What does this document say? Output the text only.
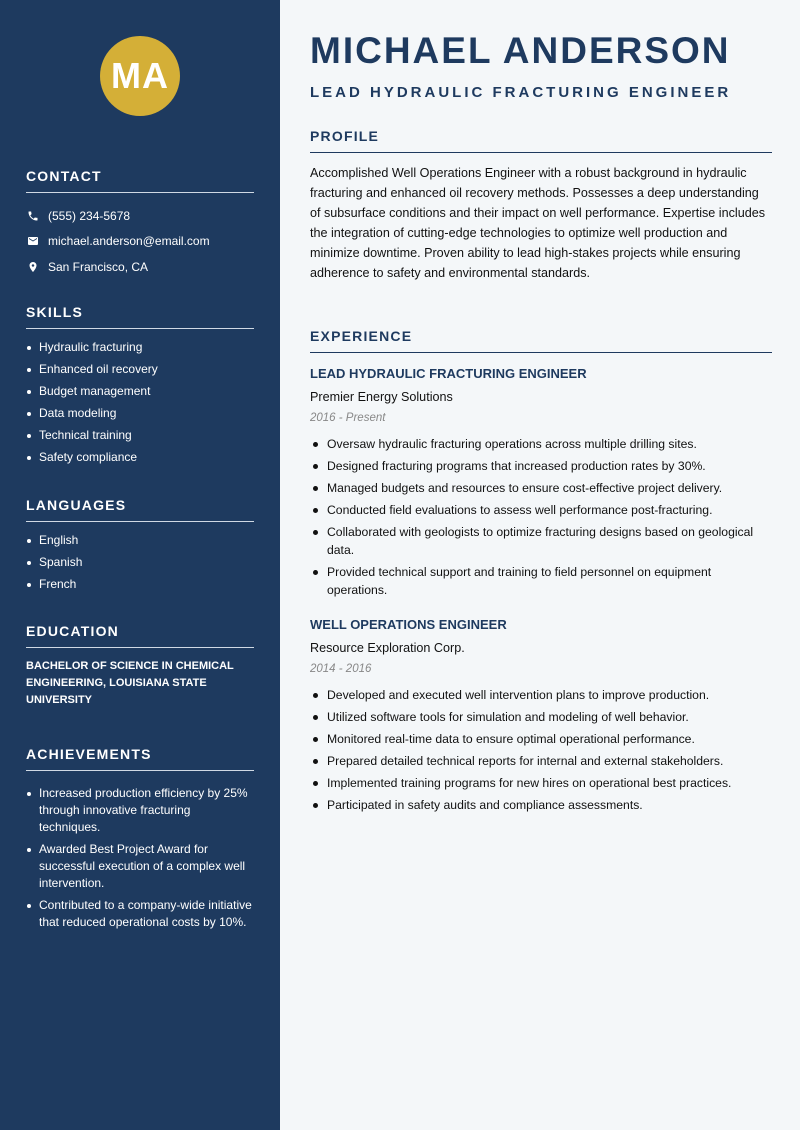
MA
CONTACT
(555) 234-5678
michael.anderson@email.com
San Francisco, CA
SKILLS
Hydraulic fracturing
Enhanced oil recovery
Budget management
Data modeling
Technical training
Safety compliance
LANGUAGES
English
Spanish
French
EDUCATION

BACHELOR OF SCIENCE IN CHEMICAL ENGINEERING, LOUISIANA STATE UNIVERSITY

ACHIEVEMENTS
Increased production efficiency by 25% through innovative fracturing techniques.
Awarded Best Project Award for successful execution of a complex well intervention.
Contributed to a company-wide initiative that reduced operational costs by 10%.
MICHAEL ANDERSON
LEAD HYDRAULIC FRACTURING ENGINEER
PROFILE

Accomplished Well Operations Engineer with a robust background in hydraulic fracturing and enhanced oil recovery methods. Possesses a deep understanding of subsurface conditions and their impact on well performance. Expertise includes the integration of cutting-edge technologies to optimize well production and minimize downtime. Proven ability to lead high-stakes projects while ensuring adherence to safety and environmental standards.

EXPERIENCE
LEAD HYDRAULIC FRACTURING ENGINEER
Premier Energy Solutions
2016 - Present
Oversaw hydraulic fracturing operations across multiple drilling sites.
Designed fracturing programs that increased production rates by 30%.
Managed budgets and resources to ensure cost-effective project delivery.
Conducted field evaluations to assess well performance post-fracturing.
Collaborated with geologists to optimize fracturing designs based on geological data.
Provided technical support and training to field personnel on equipment operations.
WELL OPERATIONS ENGINEER
Resource Exploration Corp.
2014 - 2016
Developed and executed well intervention plans to improve production.
Utilized software tools for simulation and modeling of well behavior.
Monitored real-time data to ensure optimal operational performance.
Prepared detailed technical reports for internal and external stakeholders.
Implemented training programs for new hires on operational best practices.
Participated in safety audits and compliance assessments.
